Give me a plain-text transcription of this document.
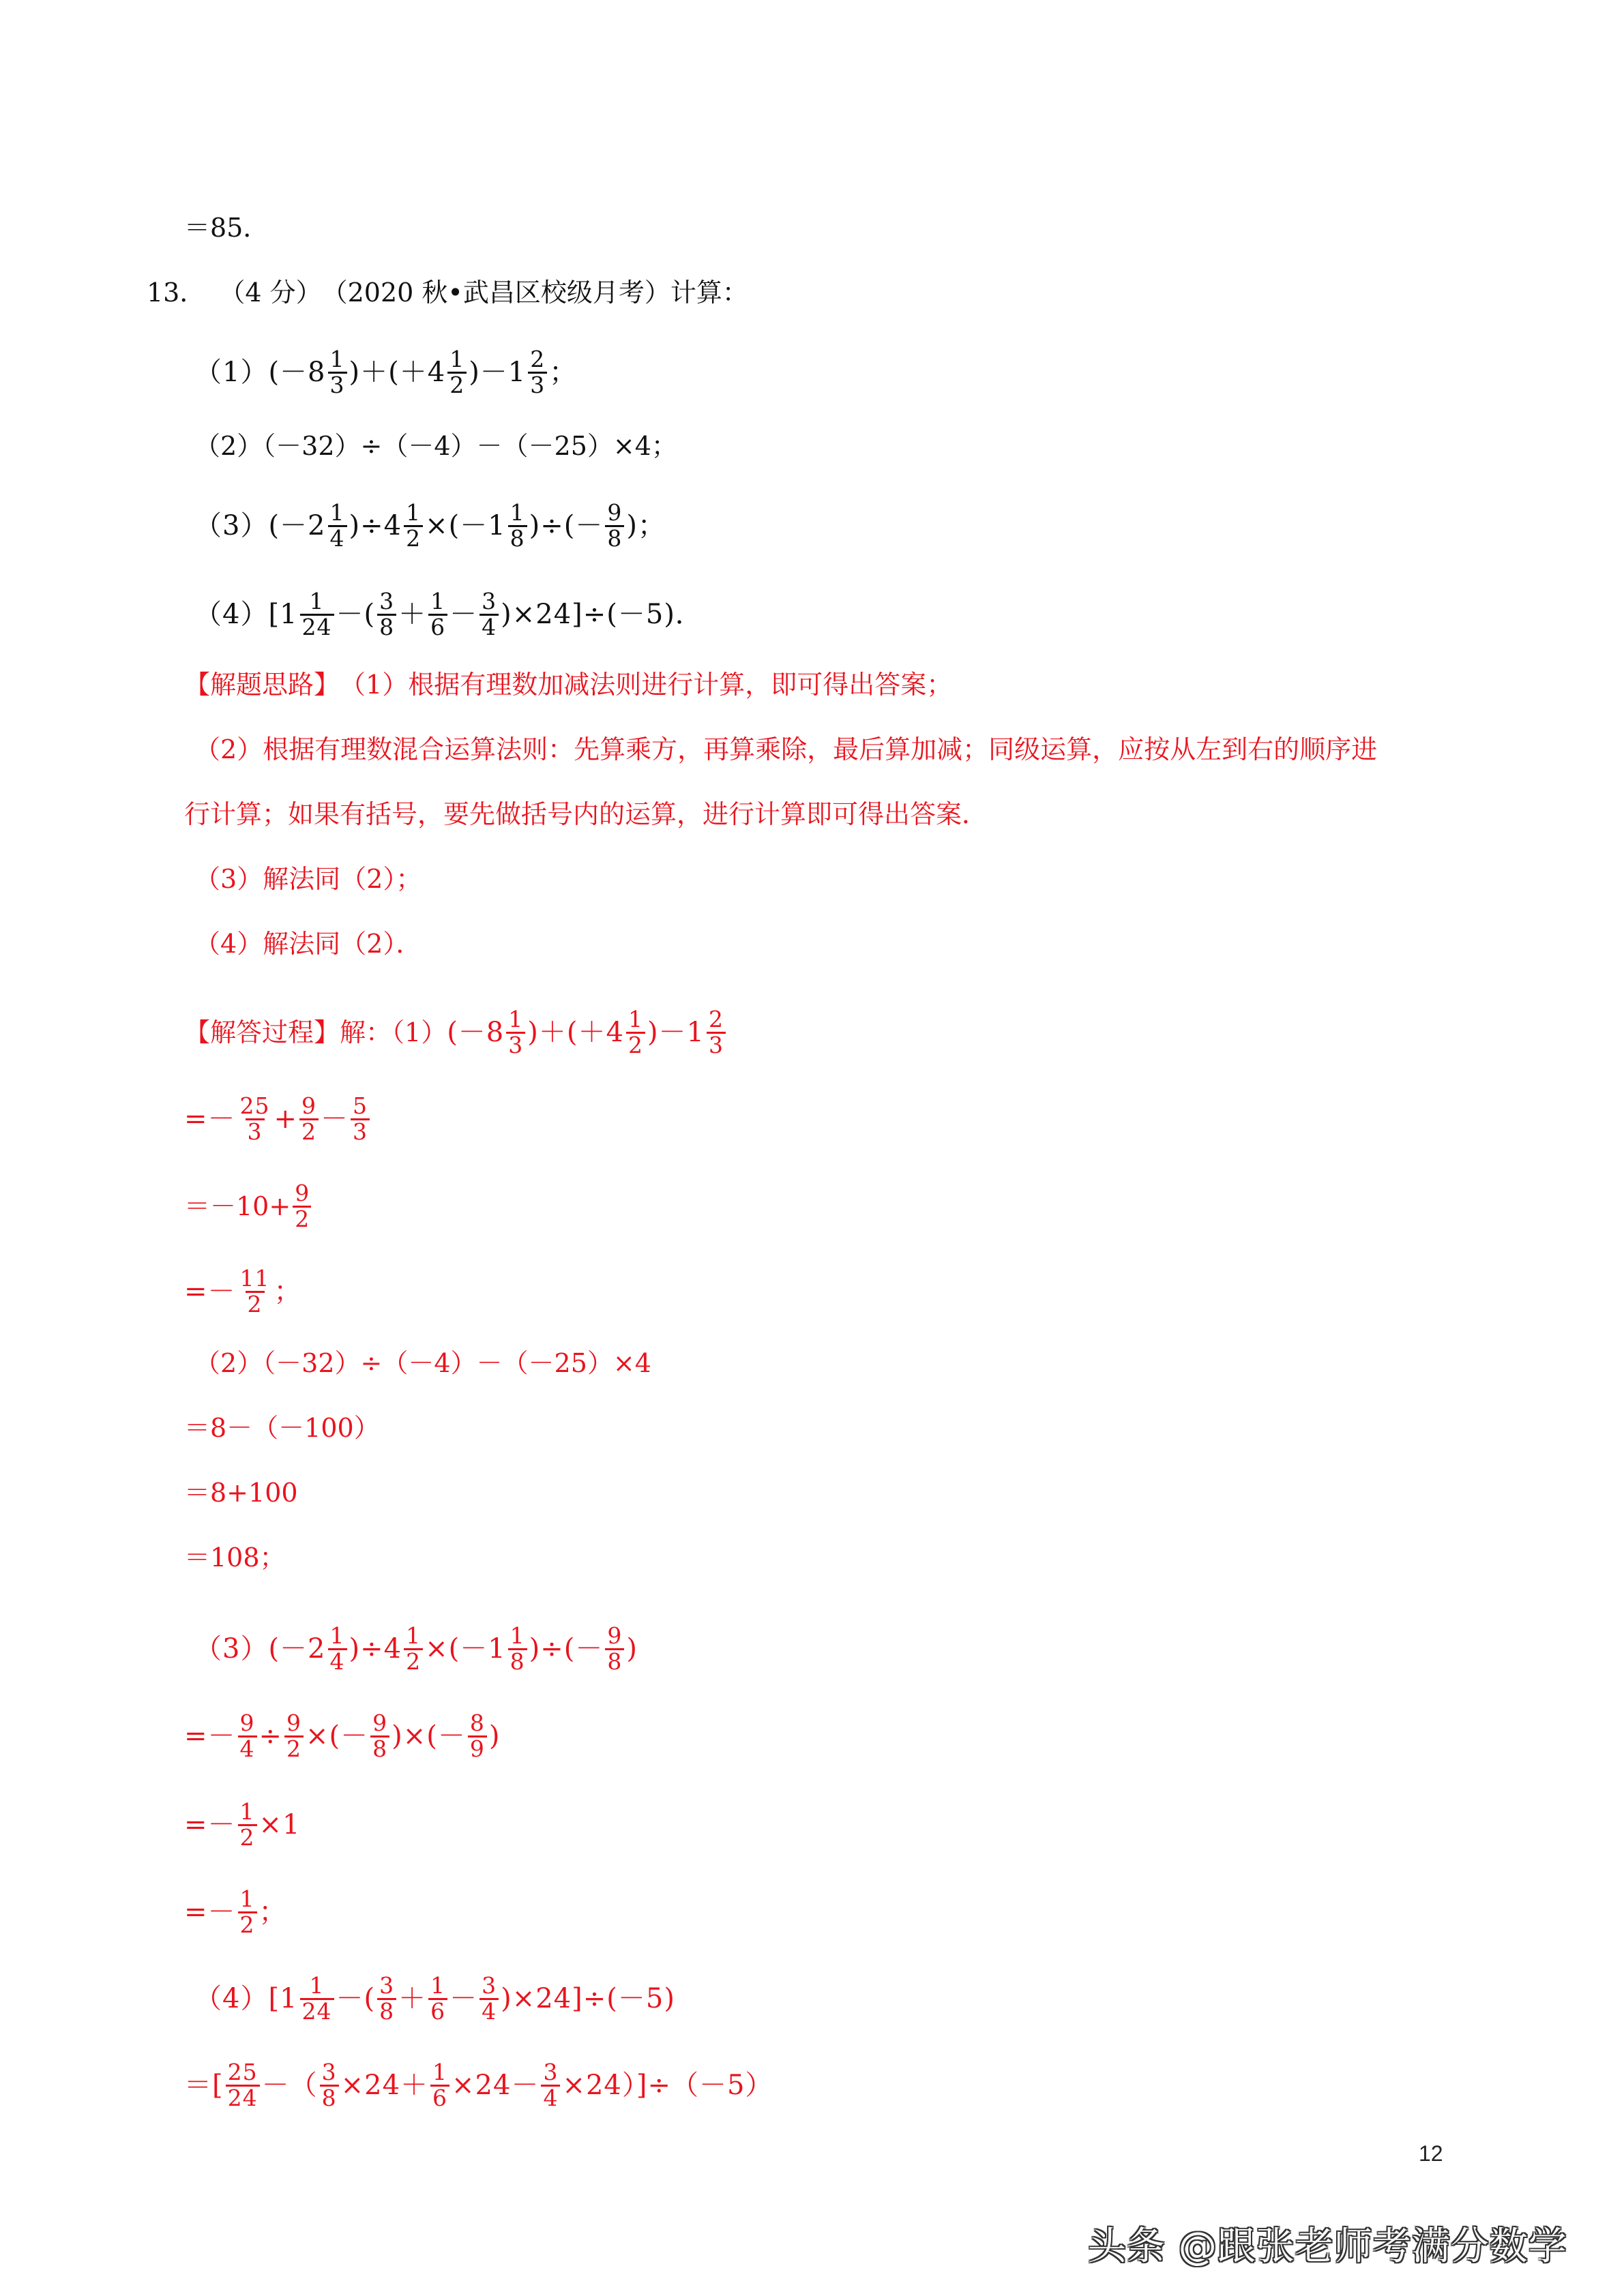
＝85．
13． （4 分） （2020 秋•武昌区校级月考）计算：
（1） $(-8 \frac{1}{3} )+(+4 \frac{1}{2} )-1 \frac{2}{3}$ ；
（2）（－32）÷（－4）－（－25）×4；
（3） $(-2 \frac{1}{4} )\div 4 \frac{1}{2} \times(-1 \frac{1}{8}$ )÷(－ $\frac{9}{8}$ )；
（4） [$1 \frac{1}{24}$ －( $\frac{3}{8} + \frac{1}{6} - \frac{3}{4} )\times 24]\div(-5)$．
【解题思路】 （1）根据有理数加减法则进行计算，即可得出答案；
（2）根据有理数混合运算法则：先算乘方，再算乘除，最后算加减；同级运算，应按从左到右的顺序进
行计算；如果有括号，要先做括号内的运算，进行计算即可得出答案．
（3）解法同（2）；
（4）解法同（2）．
【解答过程】 解：（1） $(-8 \frac{1}{3} )+(+4 \frac{1}{2} )-1 \frac{2}{3}$
=－ $\frac{25}{3} + \frac{9}{2} - \frac{5}{3}$
$=-10+ \frac{9}{2}$
=－ $\frac{11}{2}$ ；
（2）（－32）÷（－4）－（－25）×4
＝8－（－100）
＝8+100
＝108；
（3） $(-2 \frac{1}{4} )\div 4 \frac{1}{2} \times(-1 \frac{1}{8}$ )÷(－ $\frac{9}{8}$ )
=－ $\frac{9}{4} \div \frac{9}{2}$ ×(－ $\frac{9}{8}$ )×(－ $\frac{8}{9}$ )
=－ $\frac{1}{2} \times 1$
=－ $\frac{1}{2}$ ；
（4） [$1 \frac{1}{24}$ －( $\frac{3}{8} + \frac{1}{6} - \frac{3}{4} )\times 24]\div(-5)$
＝[ $\frac{25}{24}$ －（ $\frac{3}{8} \times 24+ \frac{1}{6} \times 24- \frac{3}{4} \times 24)]\div(-5)$
12
头条 @跟张老师考满分数学
